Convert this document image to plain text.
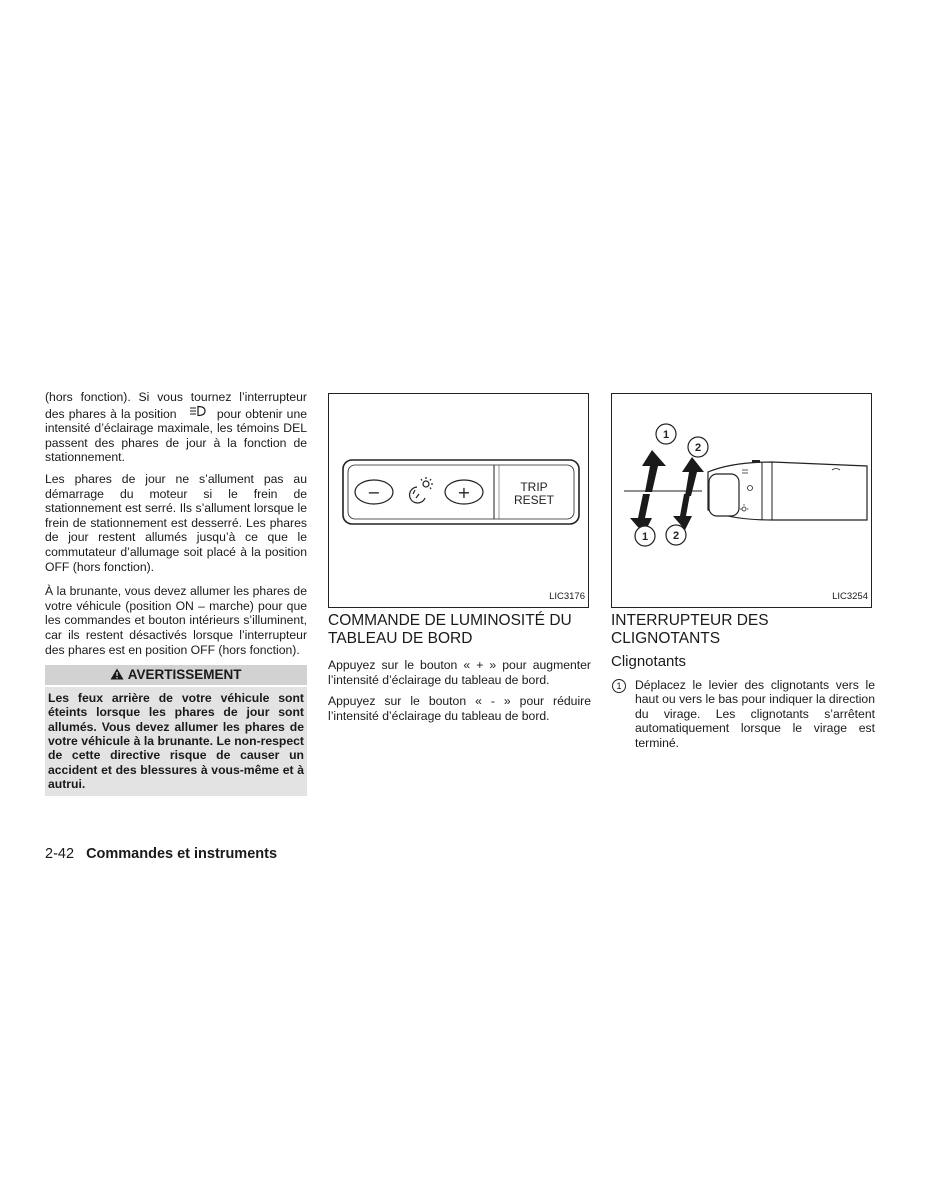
(hors fonction). Si vous tournez l’interrupteur des phares à la position	pour obtenir une intensité d’éclairage maximale, les témoins DEL passent des phares de jour à la fonction de stationnement.

Les phares de jour ne s’allument pas au démarrage du moteur si le frein de stationnement est serré. Ils s’allument lorsque le frein de stationnement est desserré. Les phares de jour restent allumés jusqu’à ce que le commutateur d’allumage soit placé à la position OFF (hors fonction).

À la brunante, vous devez allumer les phares de votre véhicule (position ON – marche) pour que les commandes et bouton intérieurs s’illuminent, car ils restent désactivés lorsque l’interrupteur des phares est en position OFF (hors fonction).

AVERTISSEMENT
Les feux arrière de votre véhicule sont éteints lorsque les phares de jour sont allumés. Vous devez allumer les phares de votre véhicule à la brunante. Le non-respect de cette directive risque de causer un accident et des blessures à vous-même et à autrui.
−	+	TRIP
RESET
LIC3176
COMMANDE DE LUMINOSITÉ DU TABLEAU DE BORD

Appuyez sur le bouton « + » pour augmenter l’intensité d’éclairage du tableau de bord.

Appuyez sur le bouton « - » pour réduire l’intensité d’éclairage du tableau de bord.

1
2
1 2
LIC3254
INTERRUPTEUR DES CLIGNOTANTS
Clignotants
1	Déplacez le levier des clignotants vers le haut ou vers le bas pour indiquer la direction du virage. Les clignotants s’arrêtent automatiquement lorsque le virage est terminé.

2-42 Commandes et instruments
